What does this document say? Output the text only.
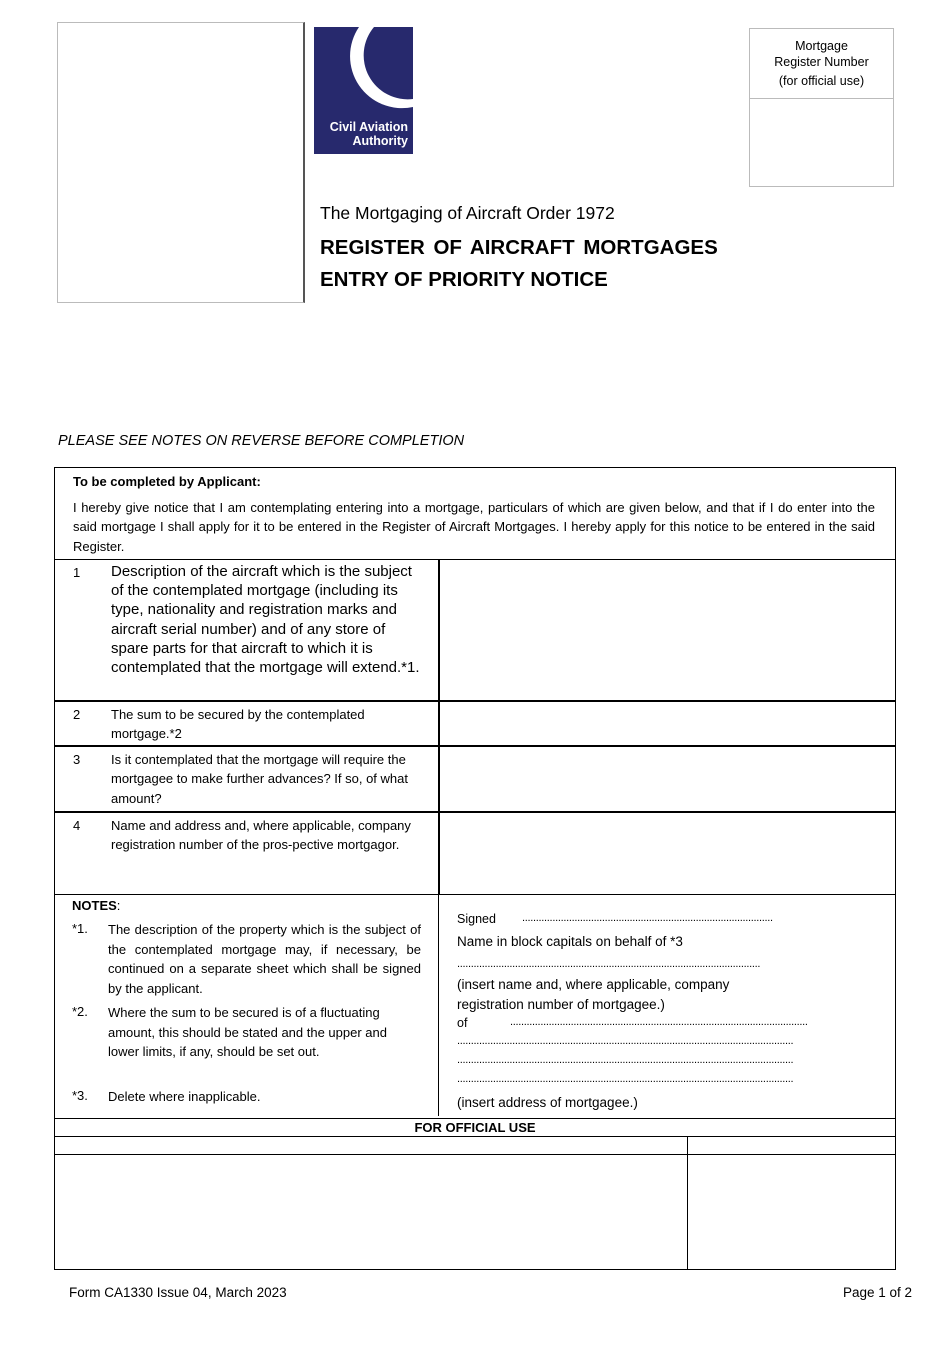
Civil Aviation
Authority
Mortgage
Register Number
(for official use)
The Mortgaging of Aircraft Order 1972
REGISTER OF AIRCRAFT MORTGAGES
ENTRY OF PRIORITY NOTICE
PLEASE SEE NOTES ON REVERSE BEFORE COMPLETION
To be completed by Applicant:
I hereby give notice that I am contemplating entering into a mortgage, particulars of which are given below, and that if I do enter into the said mortgage I shall apply for it to be entered in the Register of Aircraft Mortgages. I hereby apply for this notice to be entered in the said Register.
1 Description of the aircraft which is the subject of the contemplated mortgage (including its type, nationality and registration marks and aircraft serial number) and of any store of spare parts for that aircraft to which it is contemplated that the mortgage will extend.*1.
2 The sum to be secured by the contemplated mortgage.*2
3 Is it contemplated that the mortgage will require the mortgagee to make further advances? If so, of what amount?
4 Name and address and, where applicable, company registration number of the pros-pective mortgagor.
NOTES:
*1. The description of the property which is the subject of the contemplated mortgage may, if necessary, be continued on a separate sheet which shall be signed by the applicant.
*2. Where the sum to be secured is of a fluctuating amount, this should be stated and the upper and lower limits, if any, should be set out.
*3. Delete where inapplicable.
Signed ...........................................................................................
Name in block capitals on behalf of *3
..............................................................................................................
(insert name and, where applicable, company registration number of mortgagee.)
of	............................................................................................................
..........................................................................................................................
..........................................................................................................................
..........................................................................................................................
(insert address of mortgagee.)
FOR OFFICIAL USE
Form CA1330 Issue 04, March 2023	Page 1 of 2
